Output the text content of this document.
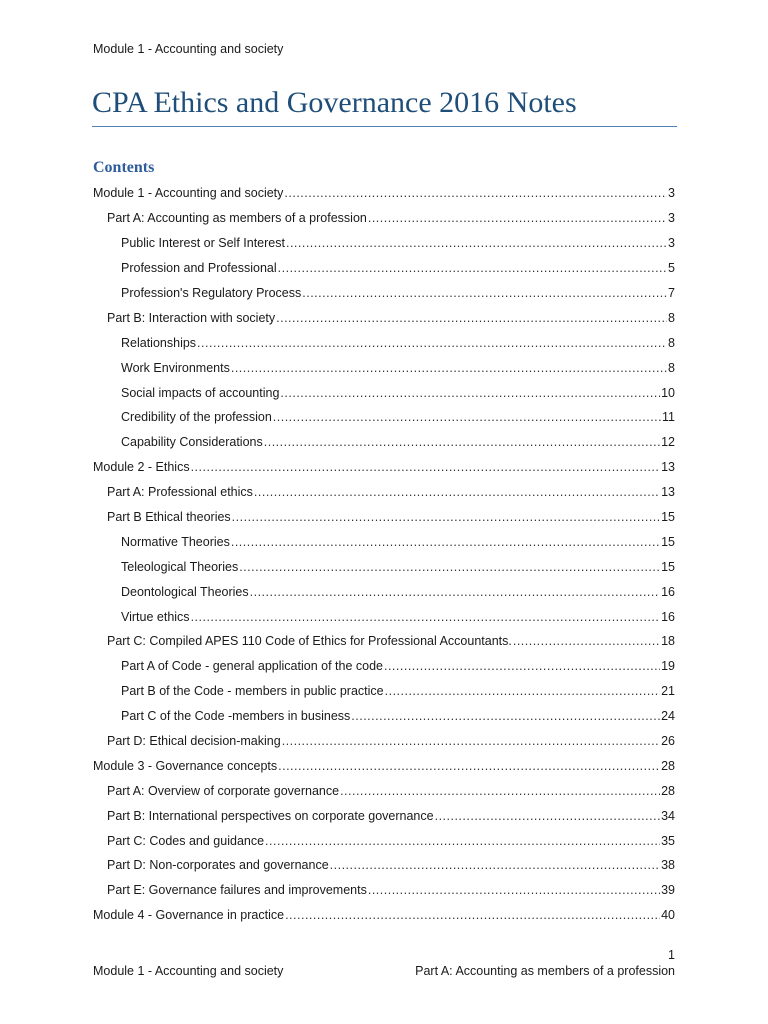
Module 1 - Accounting and society
CPA Ethics and Governance 2016 Notes
Contents
Module 1 - Accounting and society .....	3
Part A: Accounting as members of a profession .....	3
Public Interest or Self Interest .....	3
Profession and Professional .....	5
Profession's Regulatory Process .....	7
Part B: Interaction with society .....	8
Relationships .....	8
Work Environments .....	8
Social impacts of accounting .....	10
Credibility of the profession .....	11
Capability Considerations .....	12
Module 2 - Ethics .....	13
Part A: Professional ethics .....	13
Part B Ethical theories .....	15
Normative Theories .....	15
Teleological Theories .....	15
Deontological Theories .....	16
Virtue ethics .....	16
Part C: Compiled APES 110 Code of Ethics for Professional Accountants. .....	18
Part A of Code - general application of the code .....	19
Part B of the Code - members in public practice .....	21
Part C of the Code -members in business .....	24
Part D: Ethical decision-making .....	26
Module 3 - Governance concepts .....	28
Part A: Overview of corporate governance .....	28
Part B: International perspectives on corporate governance .....	34
Part C: Codes and guidance .....	35
Part D: Non-corporates and governance .....	38
Part E: Governance failures and improvements .....	39
Module 4 - Governance in practice .....	40
1
Module 1 - Accounting and society	Part A: Accounting as members of a profession
